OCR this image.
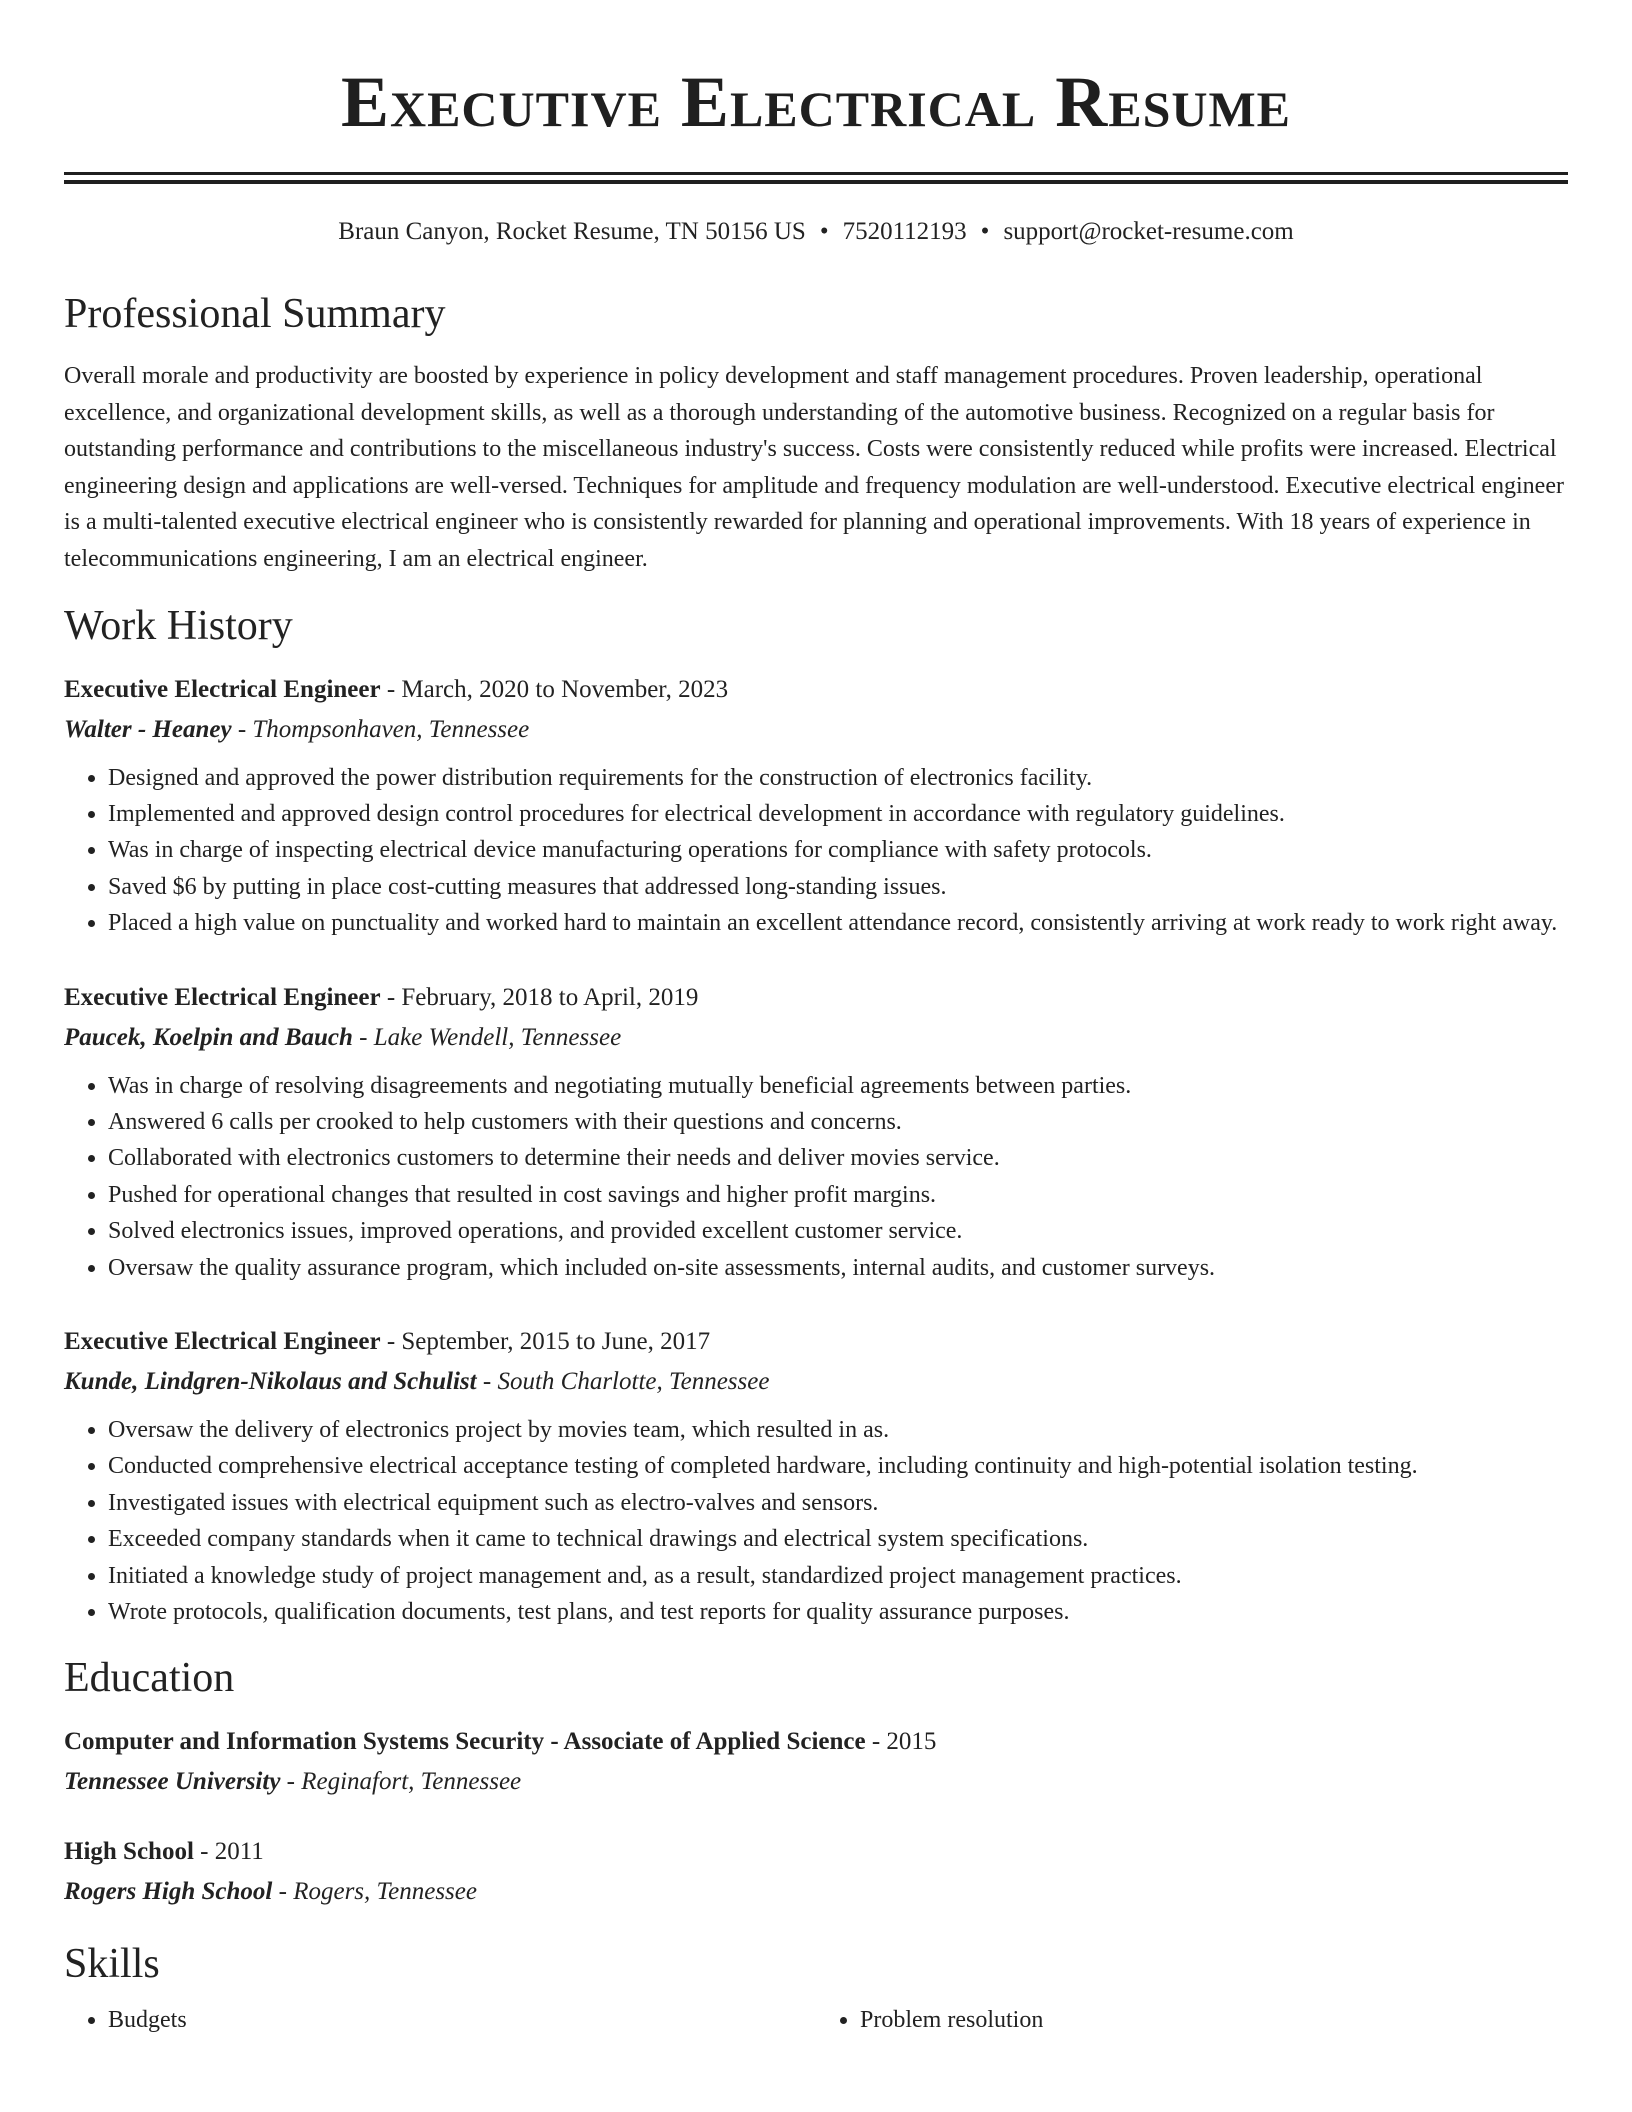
Executive Electrical Resume
Braun Canyon, Rocket Resume, TN 50156 US • 7520112193 • support@rocket-resume.com
Professional Summary
Overall morale and productivity are boosted by experience in policy development and staff management procedures. Proven leadership, operational excellence, and organizational development skills, as well as a thorough understanding of the automotive business. Recognized on a regular basis for outstanding performance and contributions to the miscellaneous industry's success. Costs were consistently reduced while profits were increased. Electrical engineering design and applications are well-versed. Techniques for amplitude and frequency modulation are well-understood. Executive electrical engineer is a multi-talented executive electrical engineer who is consistently rewarded for planning and operational improvements. With 18 years of experience in telecommunications engineering, I am an electrical engineer.
Work History
Executive Electrical Engineer - March, 2020 to November, 2023
Walter - Heaney - Thompsonhaven, Tennessee
• Designed and approved the power distribution requirements for the construction of electronics facility.
• Implemented and approved design control procedures for electrical development in accordance with regulatory guidelines.
• Was in charge of inspecting electrical device manufacturing operations for compliance with safety protocols.
• Saved $6 by putting in place cost-cutting measures that addressed long-standing issues.
• Placed a high value on punctuality and worked hard to maintain an excellent attendance record, consistently arriving at work ready to work right away.
Executive Electrical Engineer - February, 2018 to April, 2019
Paucek, Koelpin and Bauch - Lake Wendell, Tennessee
• Was in charge of resolving disagreements and negotiating mutually beneficial agreements between parties.
• Answered 6 calls per crooked to help customers with their questions and concerns.
• Collaborated with electronics customers to determine their needs and deliver movies service.
• Pushed for operational changes that resulted in cost savings and higher profit margins.
• Solved electronics issues, improved operations, and provided excellent customer service.
• Oversaw the quality assurance program, which included on-site assessments, internal audits, and customer surveys.
Executive Electrical Engineer - September, 2015 to June, 2017
Kunde, Lindgren-Nikolaus and Schulist - South Charlotte, Tennessee
• Oversaw the delivery of electronics project by movies team, which resulted in as.
• Conducted comprehensive electrical acceptance testing of completed hardware, including continuity and high-potential isolation testing.
• Investigated issues with electrical equipment such as electro-valves and sensors.
• Exceeded company standards when it came to technical drawings and electrical system specifications.
• Initiated a knowledge study of project management and, as a result, standardized project management practices.
• Wrote protocols, qualification documents, test plans, and test reports for quality assurance purposes.
Education
Computer and Information Systems Security - Associate of Applied Science - 2015
Tennessee University - Reginafort, Tennessee
High School - 2011
Rogers High School - Rogers, Tennessee
Skills
• Budgets
•	Problem resolution
